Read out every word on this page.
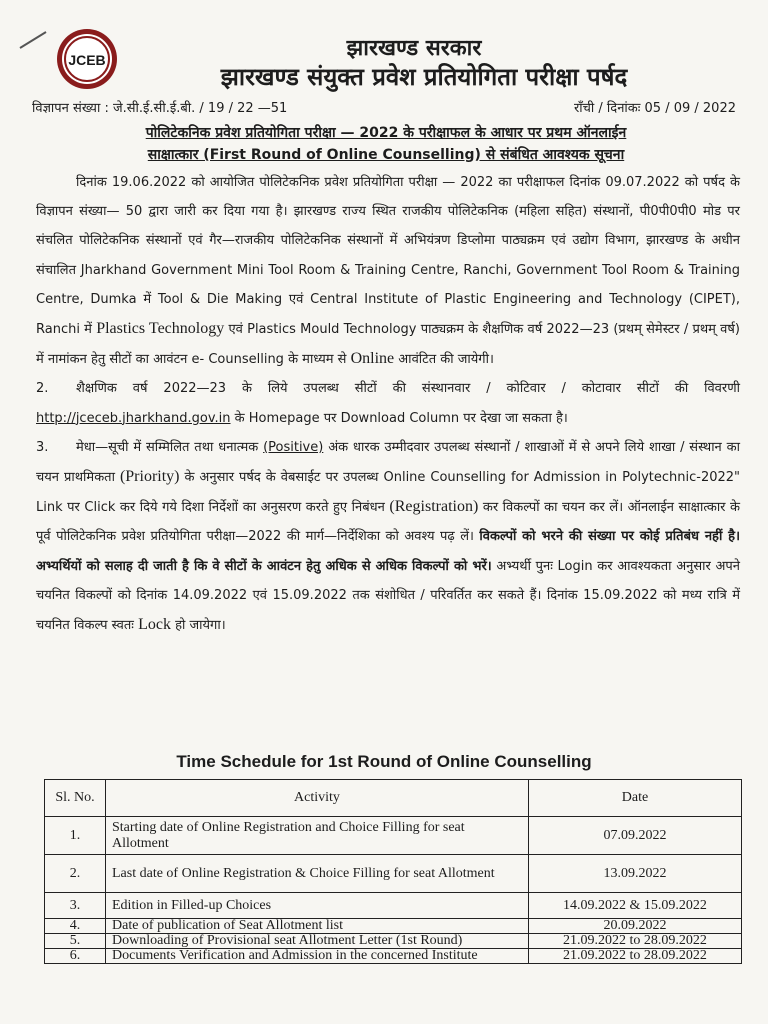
JCEB	झारखण्ड सरकार
झारखण्ड संयुक्त प्रवेश प्रतियोगिता परीक्षा पर्षद
विज्ञापन संख्या : जे.सी.ई.सी.ई.बी. / 19 / 22 —51	राँची / दिनांकः 05 / 09 / 2022
पोलिटेकनिक प्रवेश प्रतियोगिता परीक्षा — 2022 के परीक्षाफल के आधार पर प्रथम ऑनलाईन
साक्षात्कार (First Round of Online Counselling) से संबंधित आवश्यक सूचना

दिनांक 19.06.2022 को आयोजित पोलिटेकनिक प्रवेश प्रतियोगिता परीक्षा — 2022 का परीक्षाफल दिनांक 09.07.2022 को पर्षद के विज्ञापन संख्या— 50 द्वारा जारी कर दिया गया है। झारखण्ड राज्य स्थित राजकीय पोलिटेकनिक (महिला सहित) संस्थानों, पी0पी0पी0 मोड पर संचलित पोलिटेकनिक संस्थानों एवं गैर—राजकीय पोलिटेकनिक संस्थानों में अभियंत्रण डिप्लोमा पाठ्यक्रम एवं उद्योग विभाग, झारखण्ड के अधीन संचालित Jharkhand Government Mini Tool Room & Training Centre, Ranchi, Government Tool Room & Training Centre, Dumka में Tool & Die Making एवं Central Institute of Plastic Engineering and Technology (CIPET), Ranchi में Plastics Technology एवं Plastics Mould Technology पाठ्यक्रम के शैक्षणिक वर्ष 2022—23 (प्रथम् सेमेस्टर / प्रथम् वर्ष) में नामांकन हेतु सीटों का आवंटन e- Counselling के माध्यम से Online आवंटित की जायेगी।

2. शैक्षणिक वर्ष 2022—23 के लिये उपलब्ध सीटों की संस्थानवार / कोटिवार / कोटावार सीटों की विवरणी http://jceceb.jharkhand.gov.in के Homepage पर Download Column पर देखा जा सकता है।

3. मेधा—सूची में सम्मिलित तथा धनात्मक (Positive) अंक धारक उम्मीदवार उपलब्ध संस्थानों / शाखाओं में से अपने लिये शाखा / संस्थान का चयन प्राथमिकता (Priority) के अनुसार पर्षद के वेबसाईट पर उपलब्ध Online Counselling for Admission in Polytechnic-2022" Link पर Click कर दिये गये दिशा निर्देशों का अनुसरण करते हुए निबंधन (Registration) कर विकल्पों का चयन कर लें। ऑनलाईन साक्षात्कार के पूर्व पोलिटेकनिक प्रवेश प्रतियोगिता परीक्षा—2022 की मार्ग—निर्देशिका को अवश्य पढ़ लें। विकल्पों को भरने की संख्या पर कोई प्रतिबंध नहीं है। अभ्यर्थियों को सलाह दी जाती है कि वे सीटों के आवंटन हेतु अधिक से अधिक विकल्पों को भरें। अभ्यर्थी पुनः Login कर आवश्यकता अनुसार अपने चयनित विकल्पों को दिनांक 14.09.2022 एवं 15.09.2022 तक संशोधित / परिवर्तित कर सकते हैं। दिनांक 15.09.2022 को मध्य रात्रि में चयनित विकल्प स्वतः Lock हो जायेगा।

Time Schedule for 1st Round of Online Counselling
Sl. No.	Activity	Date
1.	Starting date of Online Registration and Choice Filling for seat Allotment	07.09.2022
2.	Last date of Online Registration & Choice Filling for seat Allotment	13.09.2022
3.	Edition in Filled-up Choices	14.09.2022 & 15.09.2022
4.	Date of publication of Seat Allotment list	20.09.2022
5.	Downloading of Provisional seat Allotment Letter (1st Round)	21.09.2022 to 28.09.2022
6.	Documents Verification and Admission in the concerned Institute	21.09.2022 to 28.09.2022
